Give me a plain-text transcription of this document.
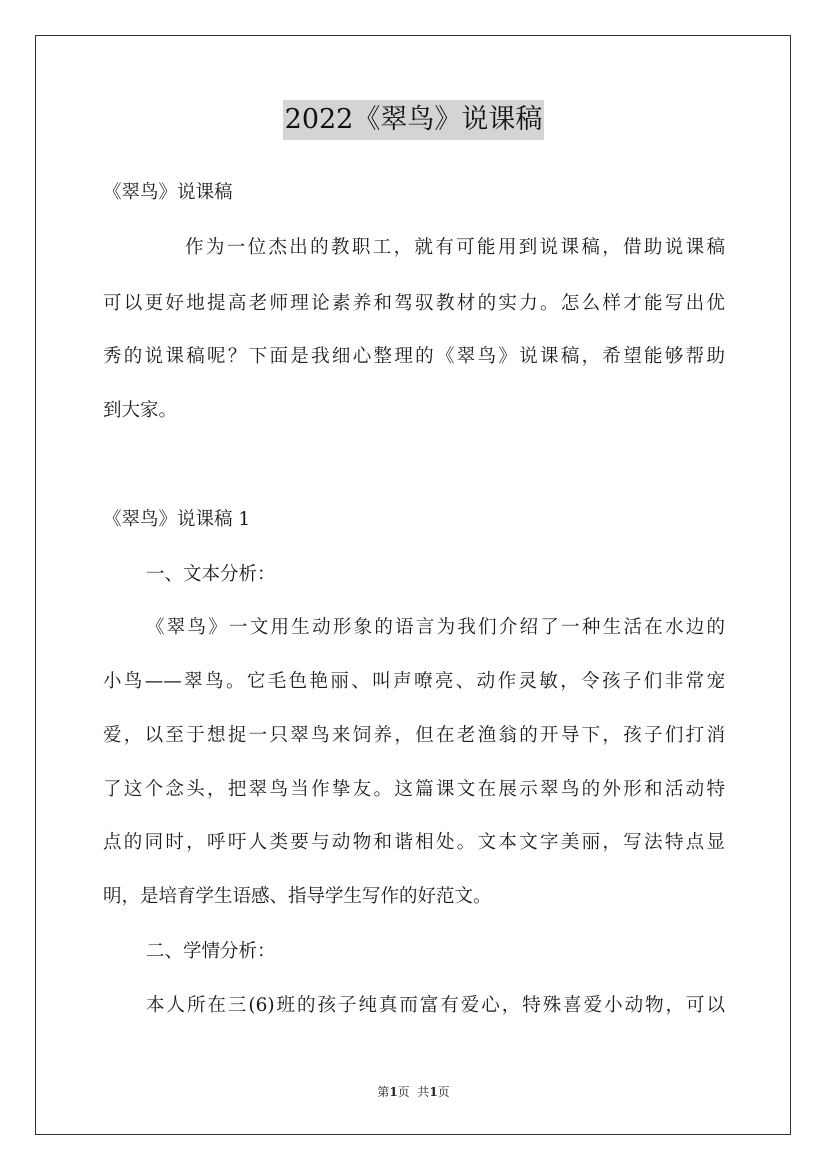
2022《翠鸟》说课稿
《翠鸟》说课稿
作为一位杰出的教职工，就有可能用到说课稿，借助说课稿
可以更好地提高老师理论素养和驾驭教材的实力。怎么样才能写出优
秀的说课稿呢？下面是我细心整理的《翠鸟》说课稿，希望能够帮助
到大家。
《翠鸟》说课稿 1
一、文本分析：
《翠鸟》一文用生动形象的语言为我们介绍了一种生活在水边的
小鸟——翠鸟。它毛色艳丽、叫声嘹亮、动作灵敏，令孩子们非常宠
爱，以至于想捉一只翠鸟来饲养，但在老渔翁的开导下，孩子们打消
了这个念头，把翠鸟当作挚友。这篇课文在展示翠鸟的外形和活动特
点的同时，呼吁人类要与动物和谐相处。文本文字美丽，写法特点显
明，是培育学生语感、指导学生写作的好范文。
二、学情分析：
本人所在三(6)班的孩子纯真而富有爱心，特殊喜爱小动物，可以
第1页  共1页
